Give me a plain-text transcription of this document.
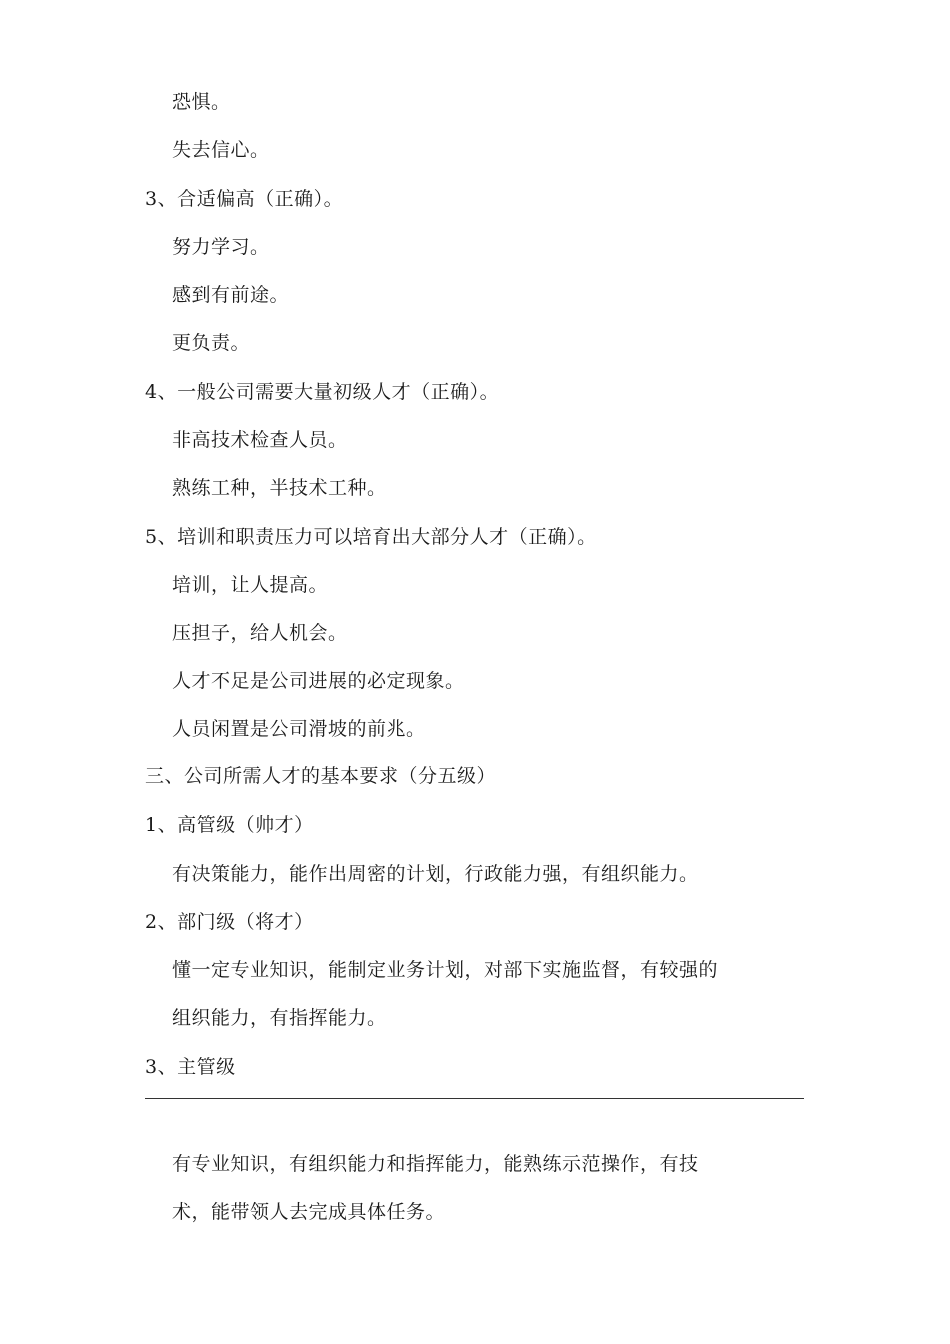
恐惧。

失去信心。

3、合适偏高（正确）。

努力学习。

感到有前途。

更负责。

4、一般公司需要大量初级人才（正确）。

非高技术检查人员。

熟练工种，半技术工种。

5、培训和职责压力可以培育出大部分人才（正确）。

培训，让人提高。

压担子，给人机会。

人才不足是公司进展的必定现象。

人员闲置是公司滑坡的前兆。

三、公司所需人才的基本要求（分五级）

1、高管级（帅才）

有决策能力，能作出周密的计划，行政能力强，有组织能力。

2、部门级（将才）

懂一定专业知识，能制定业务计划，对部下实施监督，有较强的

组织能力，有指挥能力。

3、主管级

有专业知识，有组织能力和指挥能力，能熟练示范操作，有技

术，能带领人去完成具体任务。
